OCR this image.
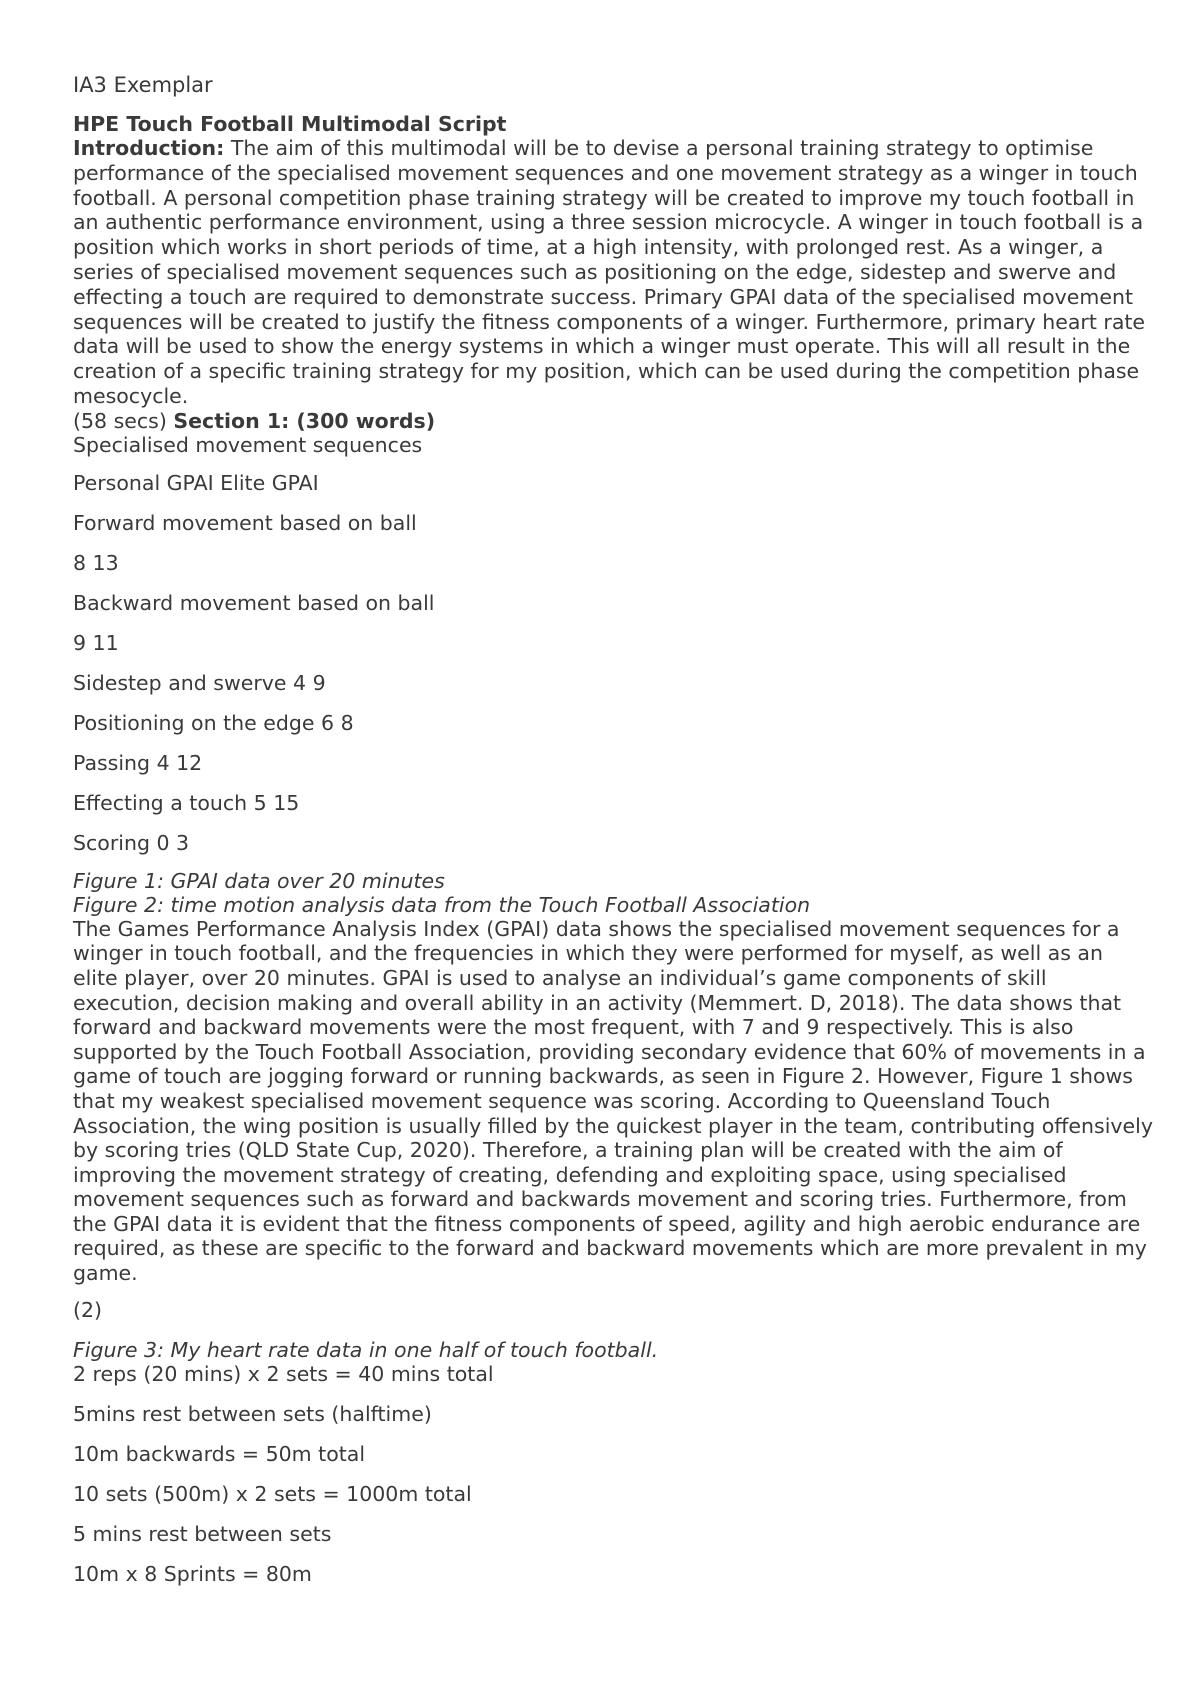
IA3 Exemplar

HPE Touch Football Multimodal Script

Introduction: The aim of this multimodal will be to devise a personal training strategy to optimise performance of the specialised movement sequences and one movement strategy as a winger in touch football. A personal competition phase training strategy will be created to improve my touch football in an authentic performance environment, using a three session microcycle. A winger in touch football is a position which works in short periods of time, at a high intensity, with prolonged rest. As a winger, a series of specialised movement sequences such as positioning on the edge, sidestep and swerve and effecting a touch are required to demonstrate success. Primary GPAI data of the specialised movement sequences will be created to justify the fitness components of a winger. Furthermore, primary heart rate data will be used to show the energy systems in which a winger must operate. This will all result in the creation of a specific training strategy for my position, which can be used during the competition phase mesocycle.

(58 secs) Section 1: (300 words)

Specialised movement sequences

Personal GPAI Elite GPAI

Forward movement based on ball

8 13

Backward movement based on ball

9 11

Sidestep and swerve 4 9

Positioning on the edge 6 8

Passing 4 12

Effecting a touch 5 15

Scoring 0 3

Figure 1: GPAI data over 20 minutes

Figure 2: time motion analysis data from the Touch Football Association

The Games Performance Analysis Index (GPAI) data shows the specialised movement sequences for a winger in touch football, and the frequencies in which they were performed for myself, as well as an elite player, over 20 minutes. GPAI is used to analyse an individual’s game components of skill execution, decision making and overall ability in an activity (Memmert. D, 2018). The data shows that forward and backward movements were the most frequent, with 7 and 9 respectively. This is also supported by the Touch Football Association, providing secondary evidence that 60% of movements in a game of touch are jogging forward or running backwards, as seen in Figure 2. However, Figure 1 shows that my weakest specialised movement sequence was scoring. According to Queensland Touch Association, the wing position is usually filled by the quickest player in the team, contributing offensively by scoring tries (QLD State Cup, 2020). Therefore, a training plan will be created with the aim of improving the movement strategy of creating, defending and exploiting space, using specialised movement sequences such as forward and backwards movement and scoring tries. Furthermore, from the GPAI data it is evident that the fitness components of speed, agility and high aerobic endurance are required, as these are specific to the forward and backward movements which are more prevalent in my game.

(2)

Figure 3: My heart rate data in one half of touch football.

2 reps (20 mins) x 2 sets = 40 mins total

5mins rest between sets (halftime)

10m backwards = 50m total

10 sets (500m) x 2 sets = 1000m total

5 mins rest between sets

10m x 8 Sprints = 80m
